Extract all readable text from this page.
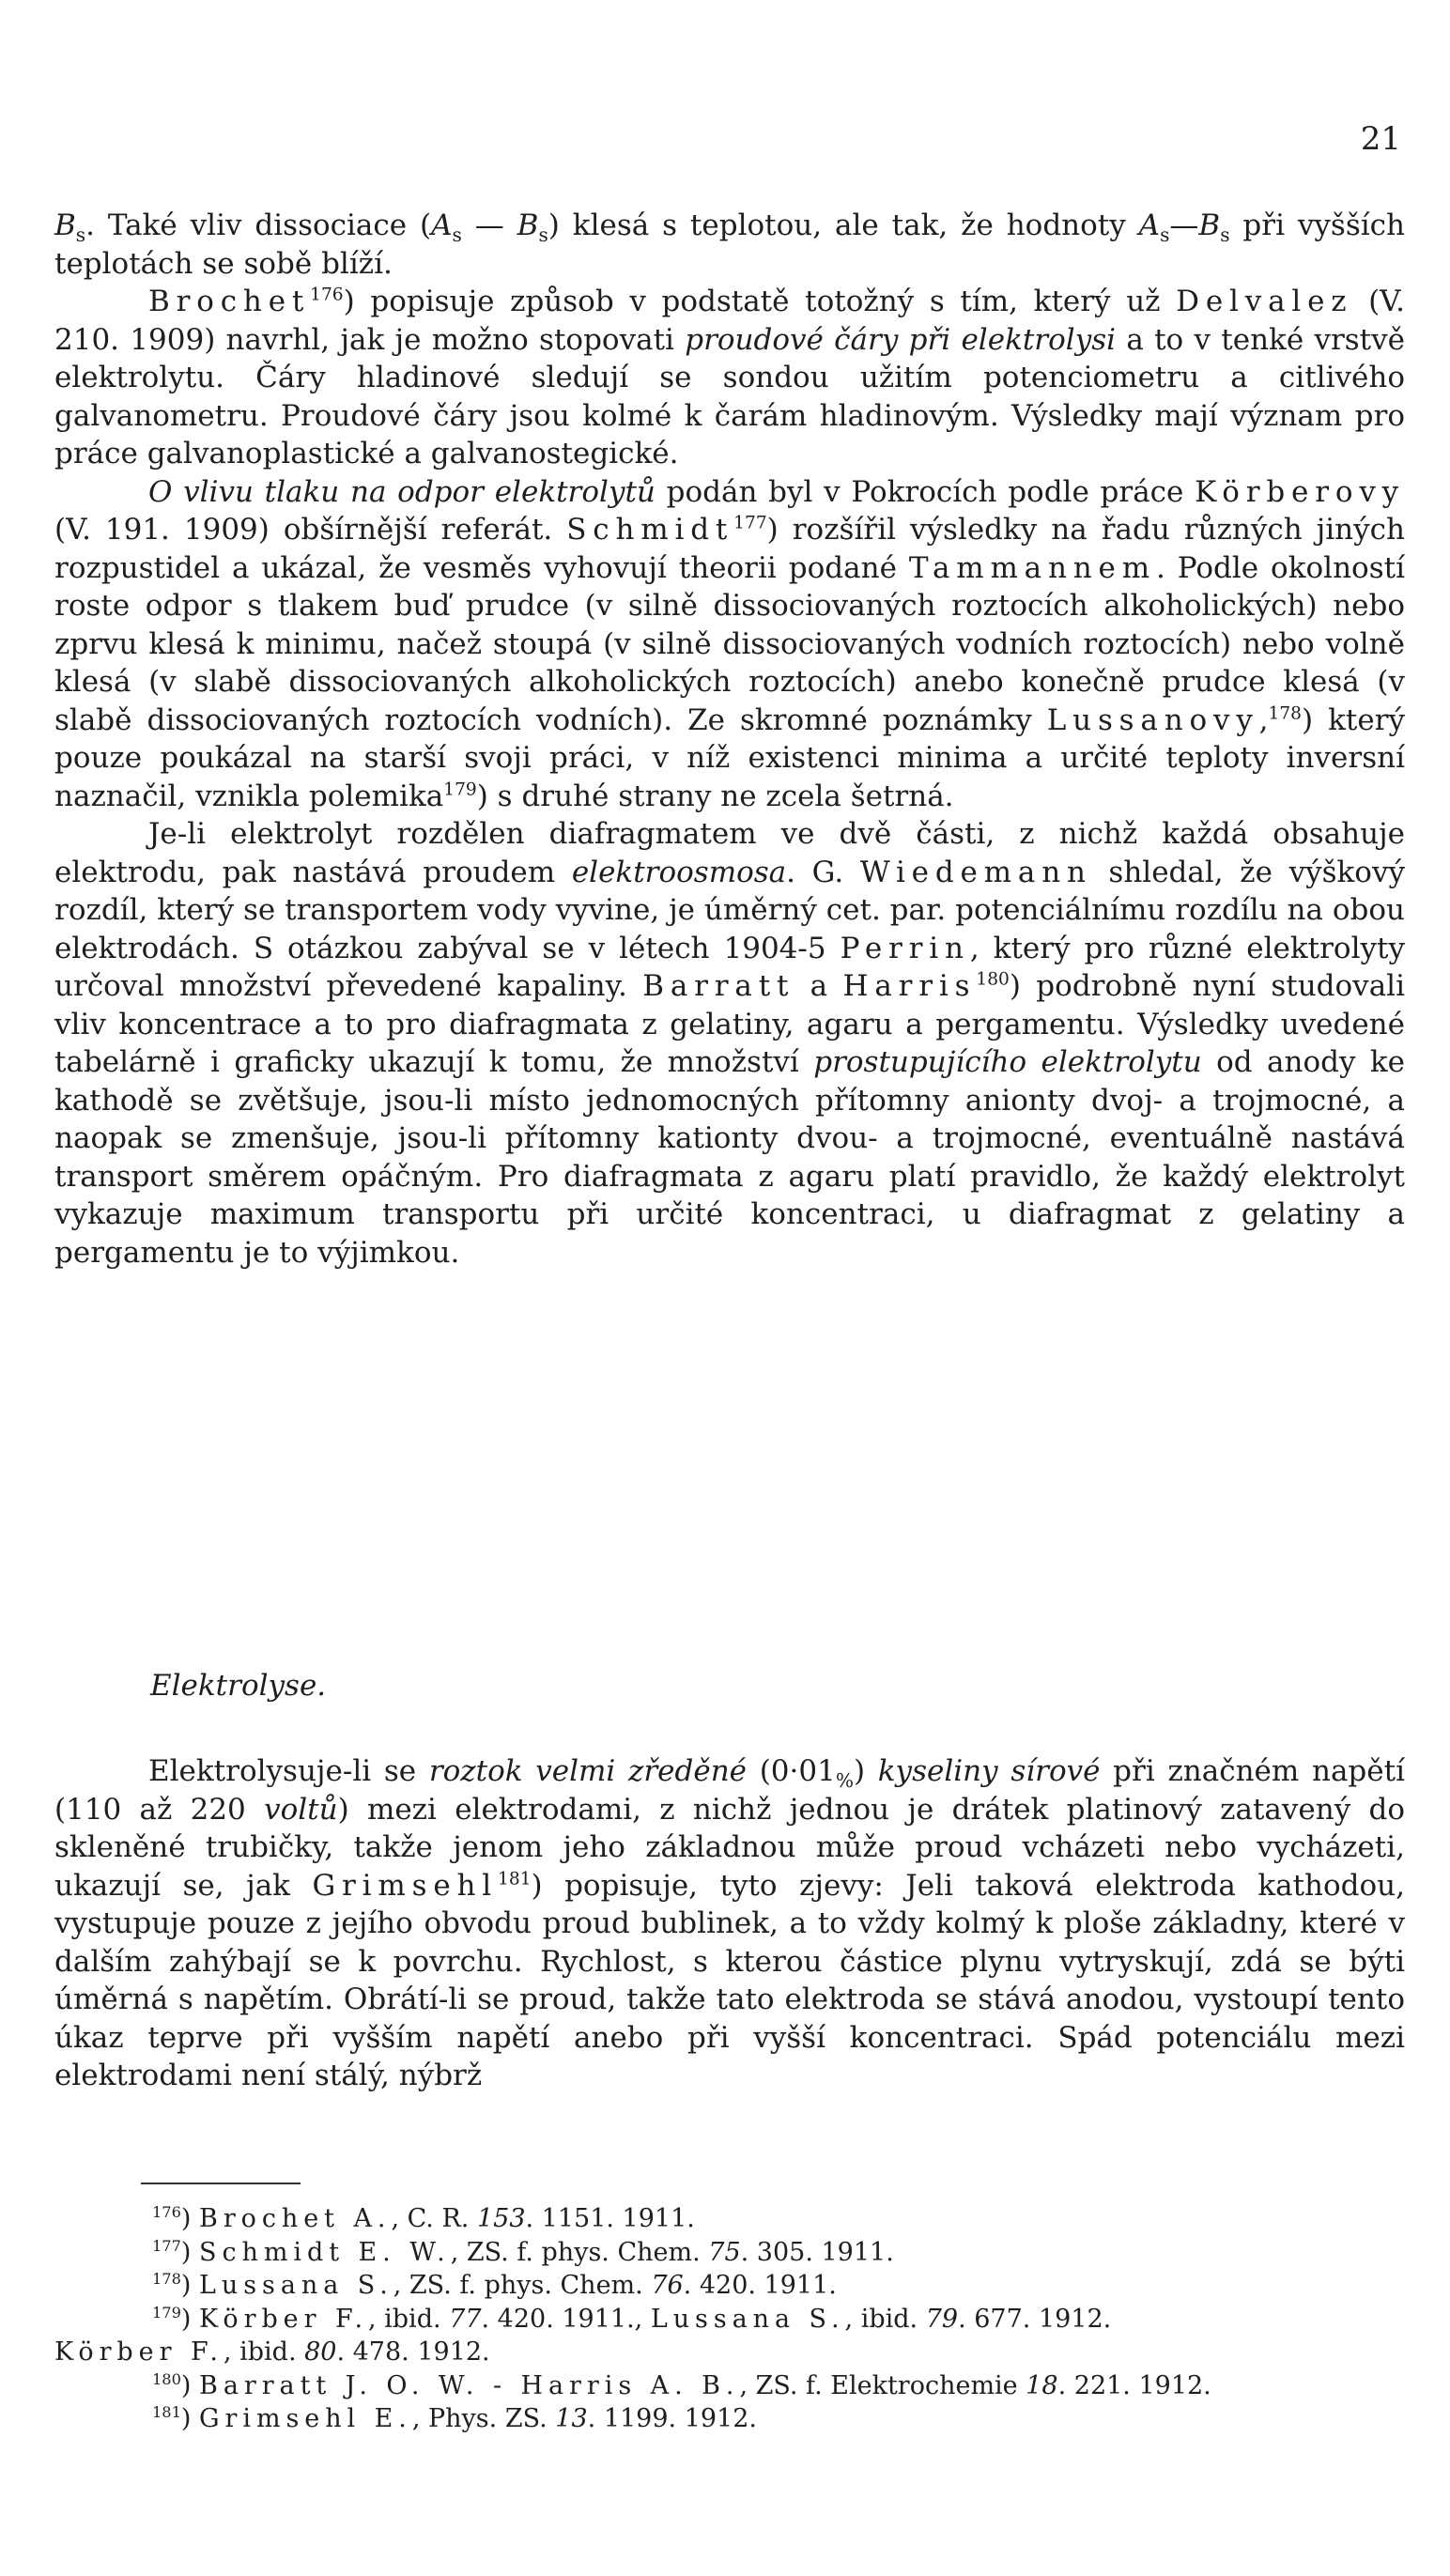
21

$B_s$. Také vliv dissociace ($A_s$ — $B_s$) klesá s teplotou, ale tak, že hodnoty $A_s—B_s$ při vyšších teplotách se sobě blíží.

Brochet$^{176}$) popisuje způsob v podstatě totožný s tím, který už Delvalez (V. 210. 1909) navrhl, jak je možno stopovati proudové čáry při elektrolysi a to v tenké vrstvě elektrolytu. Čáry hladinové sledují se sondou užitím potenciometru a citlivého galvanometru. Proudové čáry jsou kolmé k čarám hladinovým. Výsledky mají význam pro práce galvanoplastické a galvanostegické.

O vlivu tlaku na odpor elektrolytů podán byl v Pokrocích podle práce Körberovy (V. 191. 1909) obšírnější referát. Schmidt$^{177}$) rozšířil výsledky na řadu různých jiných rozpustidel a ukázal, že vesměs vyhovují theorii podané Tammannem. Podle okolností roste odpor s tlakem buď prudce (v silně dissociovaných roztocích alkoholických) nebo zprvu klesá k minimu, načež stoupá (v silně dissociovaných vodních roztocích) nebo volně klesá (v slabě dissociovaných alkoholických roztocích) anebo konečně prudce klesá (v slabě dissociovaných roztocích vodních). Ze skromné poznámky Lussanovy,$^{178}$) který pouze poukázal na starší svoji práci, v níž existenci minima a určité teploty inversní naznačil, vznikla polemika$^{179}$) s druhé strany ne zcela šetrná.

Je-li elektrolyt rozdělen diafragmatem ve dvě části, z nichž každá obsahuje elektrodu, pak nastává proudem elektroosmosa. G. Wiedemann shledal, že výškový rozdíl, který se transportem vody vyvine, je úměrný cet. par. potenciálnímu rozdílu na obou elektrodách. S otázkou zabýval se v létech 1904-5 Perrin, který pro různé elektrolyty určoval množství převedené kapaliny. Barratt a Harris$^{180}$) podrobně nyní studovali vliv koncentrace a to pro diafragmata z gelatiny, agaru a pergamentu. Výsledky uvedené tabelárně i graficky ukazují k tomu, že množství prostupujícího elektrolytu od anody ke kathodě se zvětšuje, jsou-li místo jednomocných přítomny anionty dvoj- a trojmocné, a naopak se zmenšuje, jsou-li přítomny kationty dvou- a trojmocné, eventuálně nastává transport směrem opáčným. Pro diafragmata z agaru platí pravidlo, že každý elektrolyt vykazuje maximum transportu při určité koncentraci, u diafragmat z gelatiny a pergamentu je to výjimkou.

Elektrolyse.

Elektrolysuje-li se roztok velmi zředěné $(0\cdot 01_{\%})$ kyseliny sírové při značném napětí (110 až 220 voltů) mezi elektrodami, z nichž jednou je drátek platinový zatavený do skleněné trubičky, takže jenom jeho základnou může proud vcházeti nebo vycházeti, ukazují se, jak Grimsehl$^{181}$) popisuje, tyto zjevy: Jeli taková elektroda kathodou, vystupuje pouze z jejího obvodu proud bublinek, a to vždy kolmý k ploše základny, které v dalším zahýbají se k povrchu. Rychlost, s kterou částice plynu vytryskují, zdá se býti úměrná s napětím. Obrátí-li se proud, takže tato elektroda se stává anodou, vystoupí tento úkaz teprve při vyšším napětí anebo při vyšší koncentraci. Spád potenciálu mezi elektrodami není stálý, nýbrž

$^{176}$) Brochet A., C. R. 153. 1151. 1911.
$^{177}$) Schmidt E. W., ZS. f. phys. Chem. 75. 305. 1911.
$^{178}$) Lussana S., ZS. f. phys. Chem. 76. 420. 1911.
$^{179}$) Körber F., ibid. 77. 420. 1911., Lussana S., ibid. 79. 677. 1912.
Körber F., ibid. 80. 478. 1912.
$^{180}$) Barratt J. O. W. - Harris A. B., ZS. f. Elektrochemie 18. 221. 1912.
$^{181}$) Grimsehl E., Phys. ZS. 13. 1199. 1912.
